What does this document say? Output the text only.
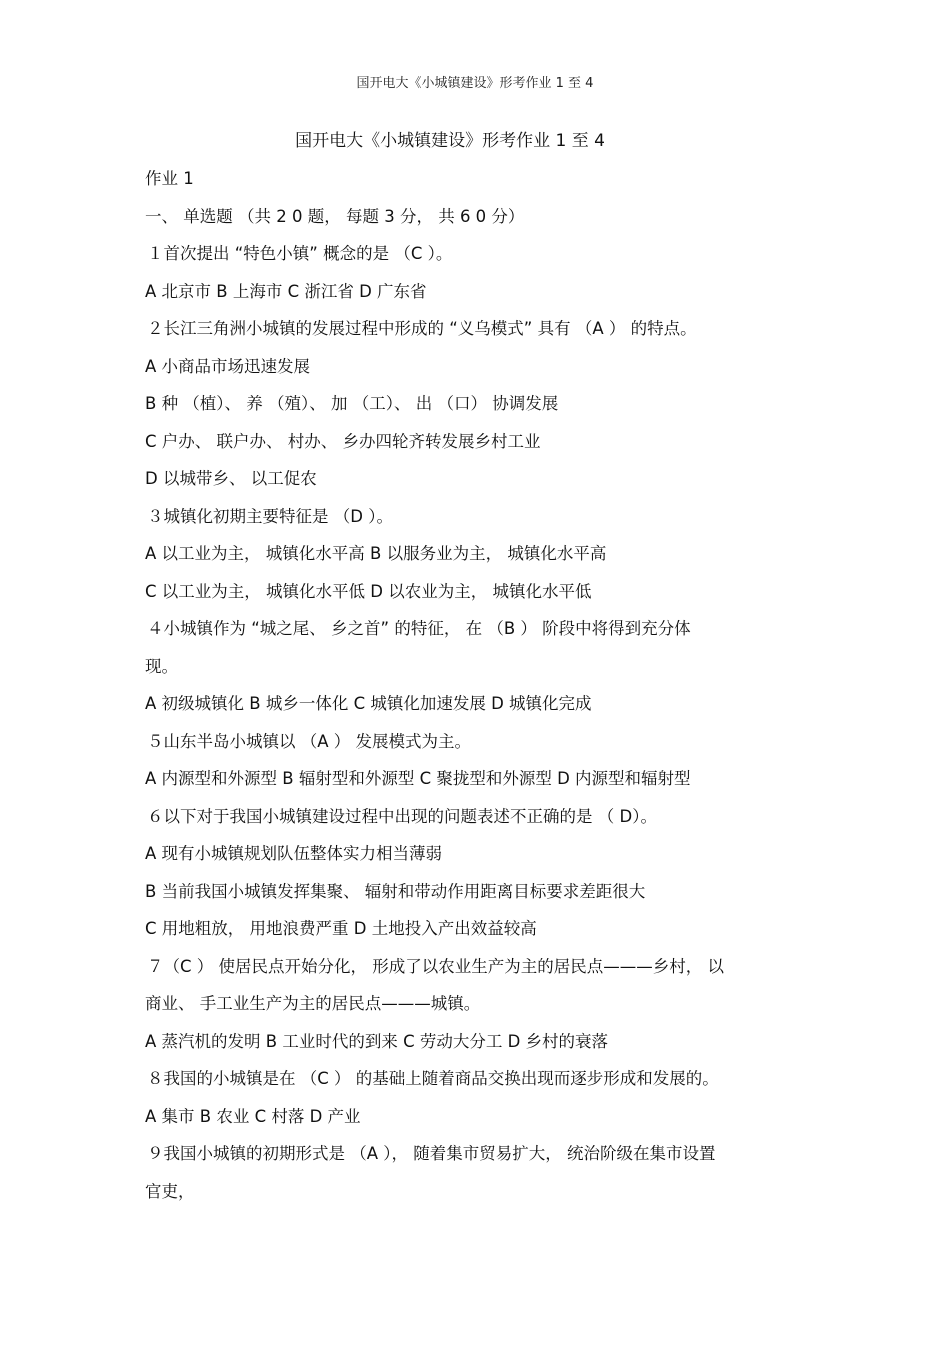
国开电大《小城镇建设》形考作业 1 至 4
国开电大《小城镇建设》形考作业 1 至 4
作业 1
一、 单选题 （共 2 0 题， 每题 3 分， 共 6 0 分）
１首次提出 “特色小镇” 概念的是 （C ）。
A 北京市 B 上海市 C 浙江省 D 广东省
２长江三角洲小城镇的发展过程中形成的 “义乌模式” 具有 （A ） 的特点。
A 小商品市场迅速发展
B 种 （植）、 养 （殖）、 加 （工）、 出 （口） 协调发展
C 户办、 联户办、 村办、 乡办四轮齐转发展乡村工业
D 以城带乡、 以工促农
３城镇化初期主要特征是 （D ）。
A 以工业为主， 城镇化水平高 B 以服务业为主， 城镇化水平高
C 以工业为主， 城镇化水平低 D 以农业为主， 城镇化水平低
４小城镇作为 “城之尾、 乡之首” 的特征， 在 （B ） 阶段中将得到充分体
现。
A 初级城镇化 B 城乡一体化 C 城镇化加速发展 D 城镇化完成
５山东半岛小城镇以 （A ） 发展模式为主。
A 内源型和外源型 B 辐射型和外源型 C 聚拢型和外源型 D 内源型和辐射型
６以下对于我国小城镇建设过程中出现的问题表述不正确的是 （ D）。
A 现有小城镇规划队伍整体实力相当薄弱
B 当前我国小城镇发挥集聚、 辐射和带动作用距离目标要求差距很大
C 用地粗放， 用地浪费严重 D 土地投入产出效益较高
７（C ） 使居民点开始分化， 形成了以农业生产为主的居民点———乡村， 以
商业、 手工业生产为主的居民点———城镇。
A 蒸汽机的发明 B 工业时代的到来 C 劳动大分工 D 乡村的衰落
８我国的小城镇是在 （C ） 的基础上随着商品交换出现而逐步形成和发展的。
A 集市 B 农业 C 村落 D 产业
９我国小城镇的初期形式是 （A ）， 随着集市贸易扩大， 统治阶级在集市设置
官吏，
